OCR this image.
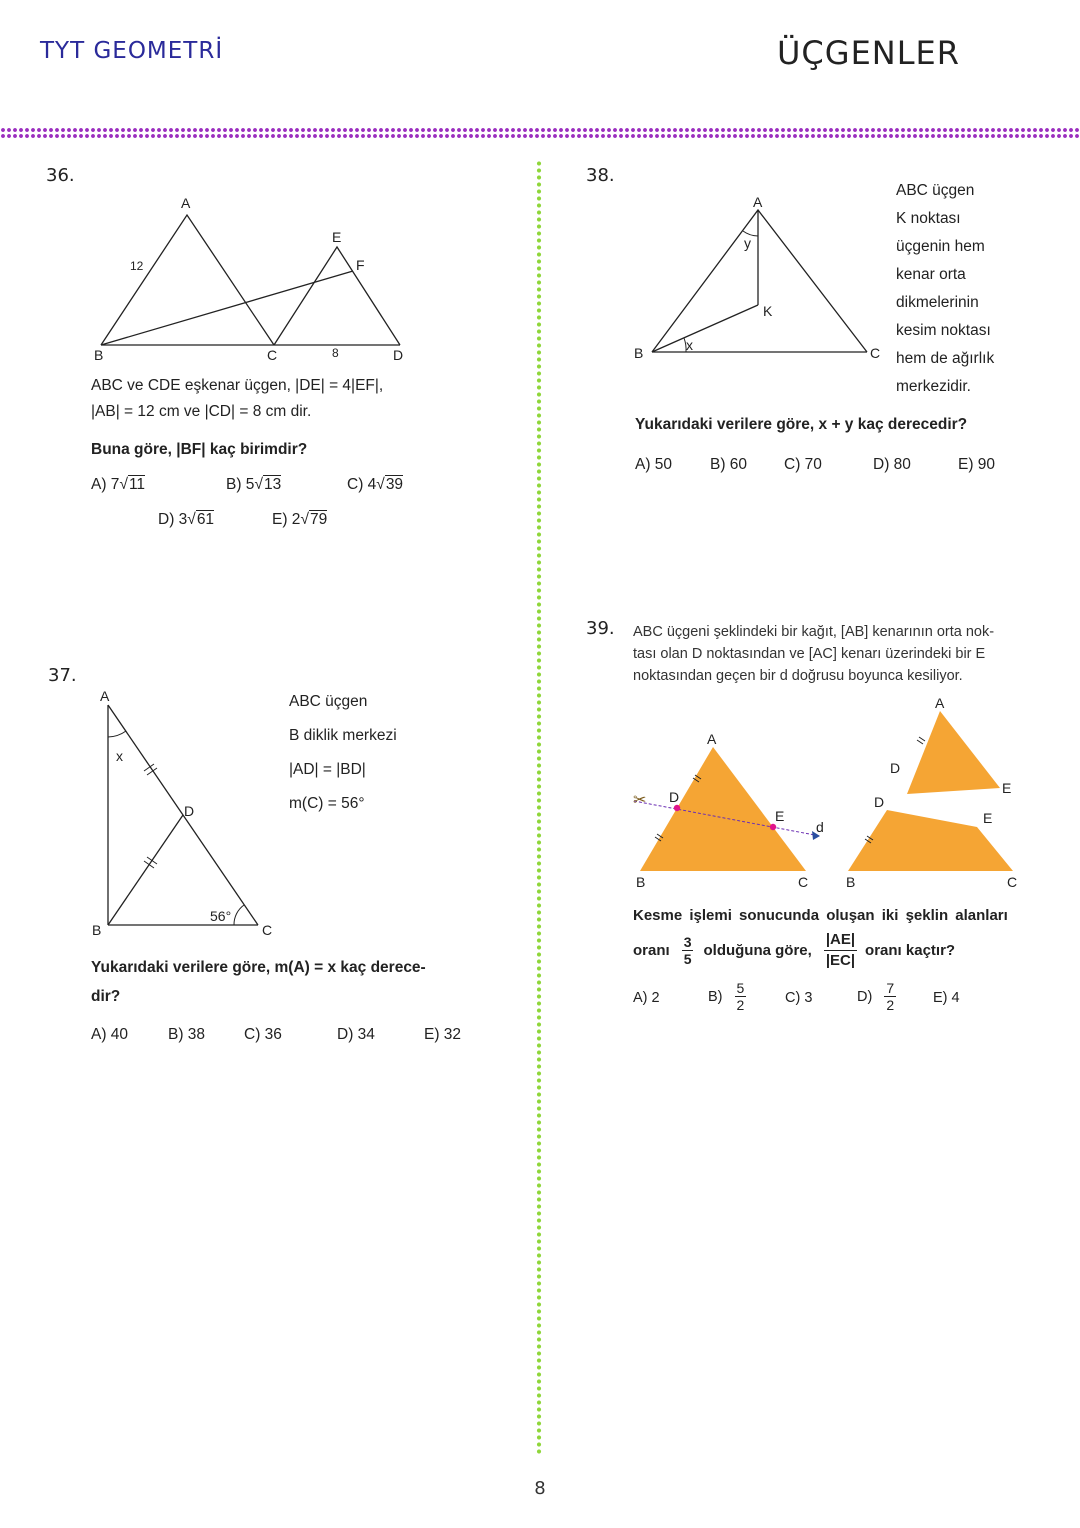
TYT GEOMETRİ	ÜÇGENLER
36.
A
B	C	D
E
F
12
8
ABC ve CDE eşkenar üçgen, |DE| = 4|EF|,
|AB| = 12 cm ve |CD| = 8 cm dir.
Buna göre, |BF| kaç birimdir?
A) 7√11	B) 5√13	C) 4√39
D) 3√61	E) 2√79
37.
A
B	C
D
x
56°
ABC üçgen
B diklik merkezi
|AD| = |BD|
m(C) = 56°
Yukarıdaki verilere göre, m(A) = x kaç derece-
dir?
A) 40	B) 38	C) 36	D) 34	E) 32
38.
A
B	C
K
x
y
ABC üçgen
K noktası
üçgenin hem
kenar orta
dikmelerinin
kesim noktası
hem de ağırlık
merkezidir.
Yukarıdaki verilere göre, x + y kaç derecedir?
A) 50 B) 60 C) 70	D) 80	E) 90
39. ABC üçgeni şeklindeki bir kağıt, [AB] kenarının orta nok-
tası olan D noktasından ve [AC] kenarı üzerindeki bir E
noktasından geçen bir d doğrusu boyunca kesiliyor.
✂
A
B	C
D
E
d
A
D
E
D
E
B	C
Kesme işlemi sonucunda oluşan iki şeklin alanları
oranı $\frac{3}{5}$ olduğuna göre, $\frac{|AE|}{|EC|}$ oranı kaçtır?
A) 2	$B) \frac{5}{2}$	C) 3	$D) \frac{7}{2}$	E) 4
8
